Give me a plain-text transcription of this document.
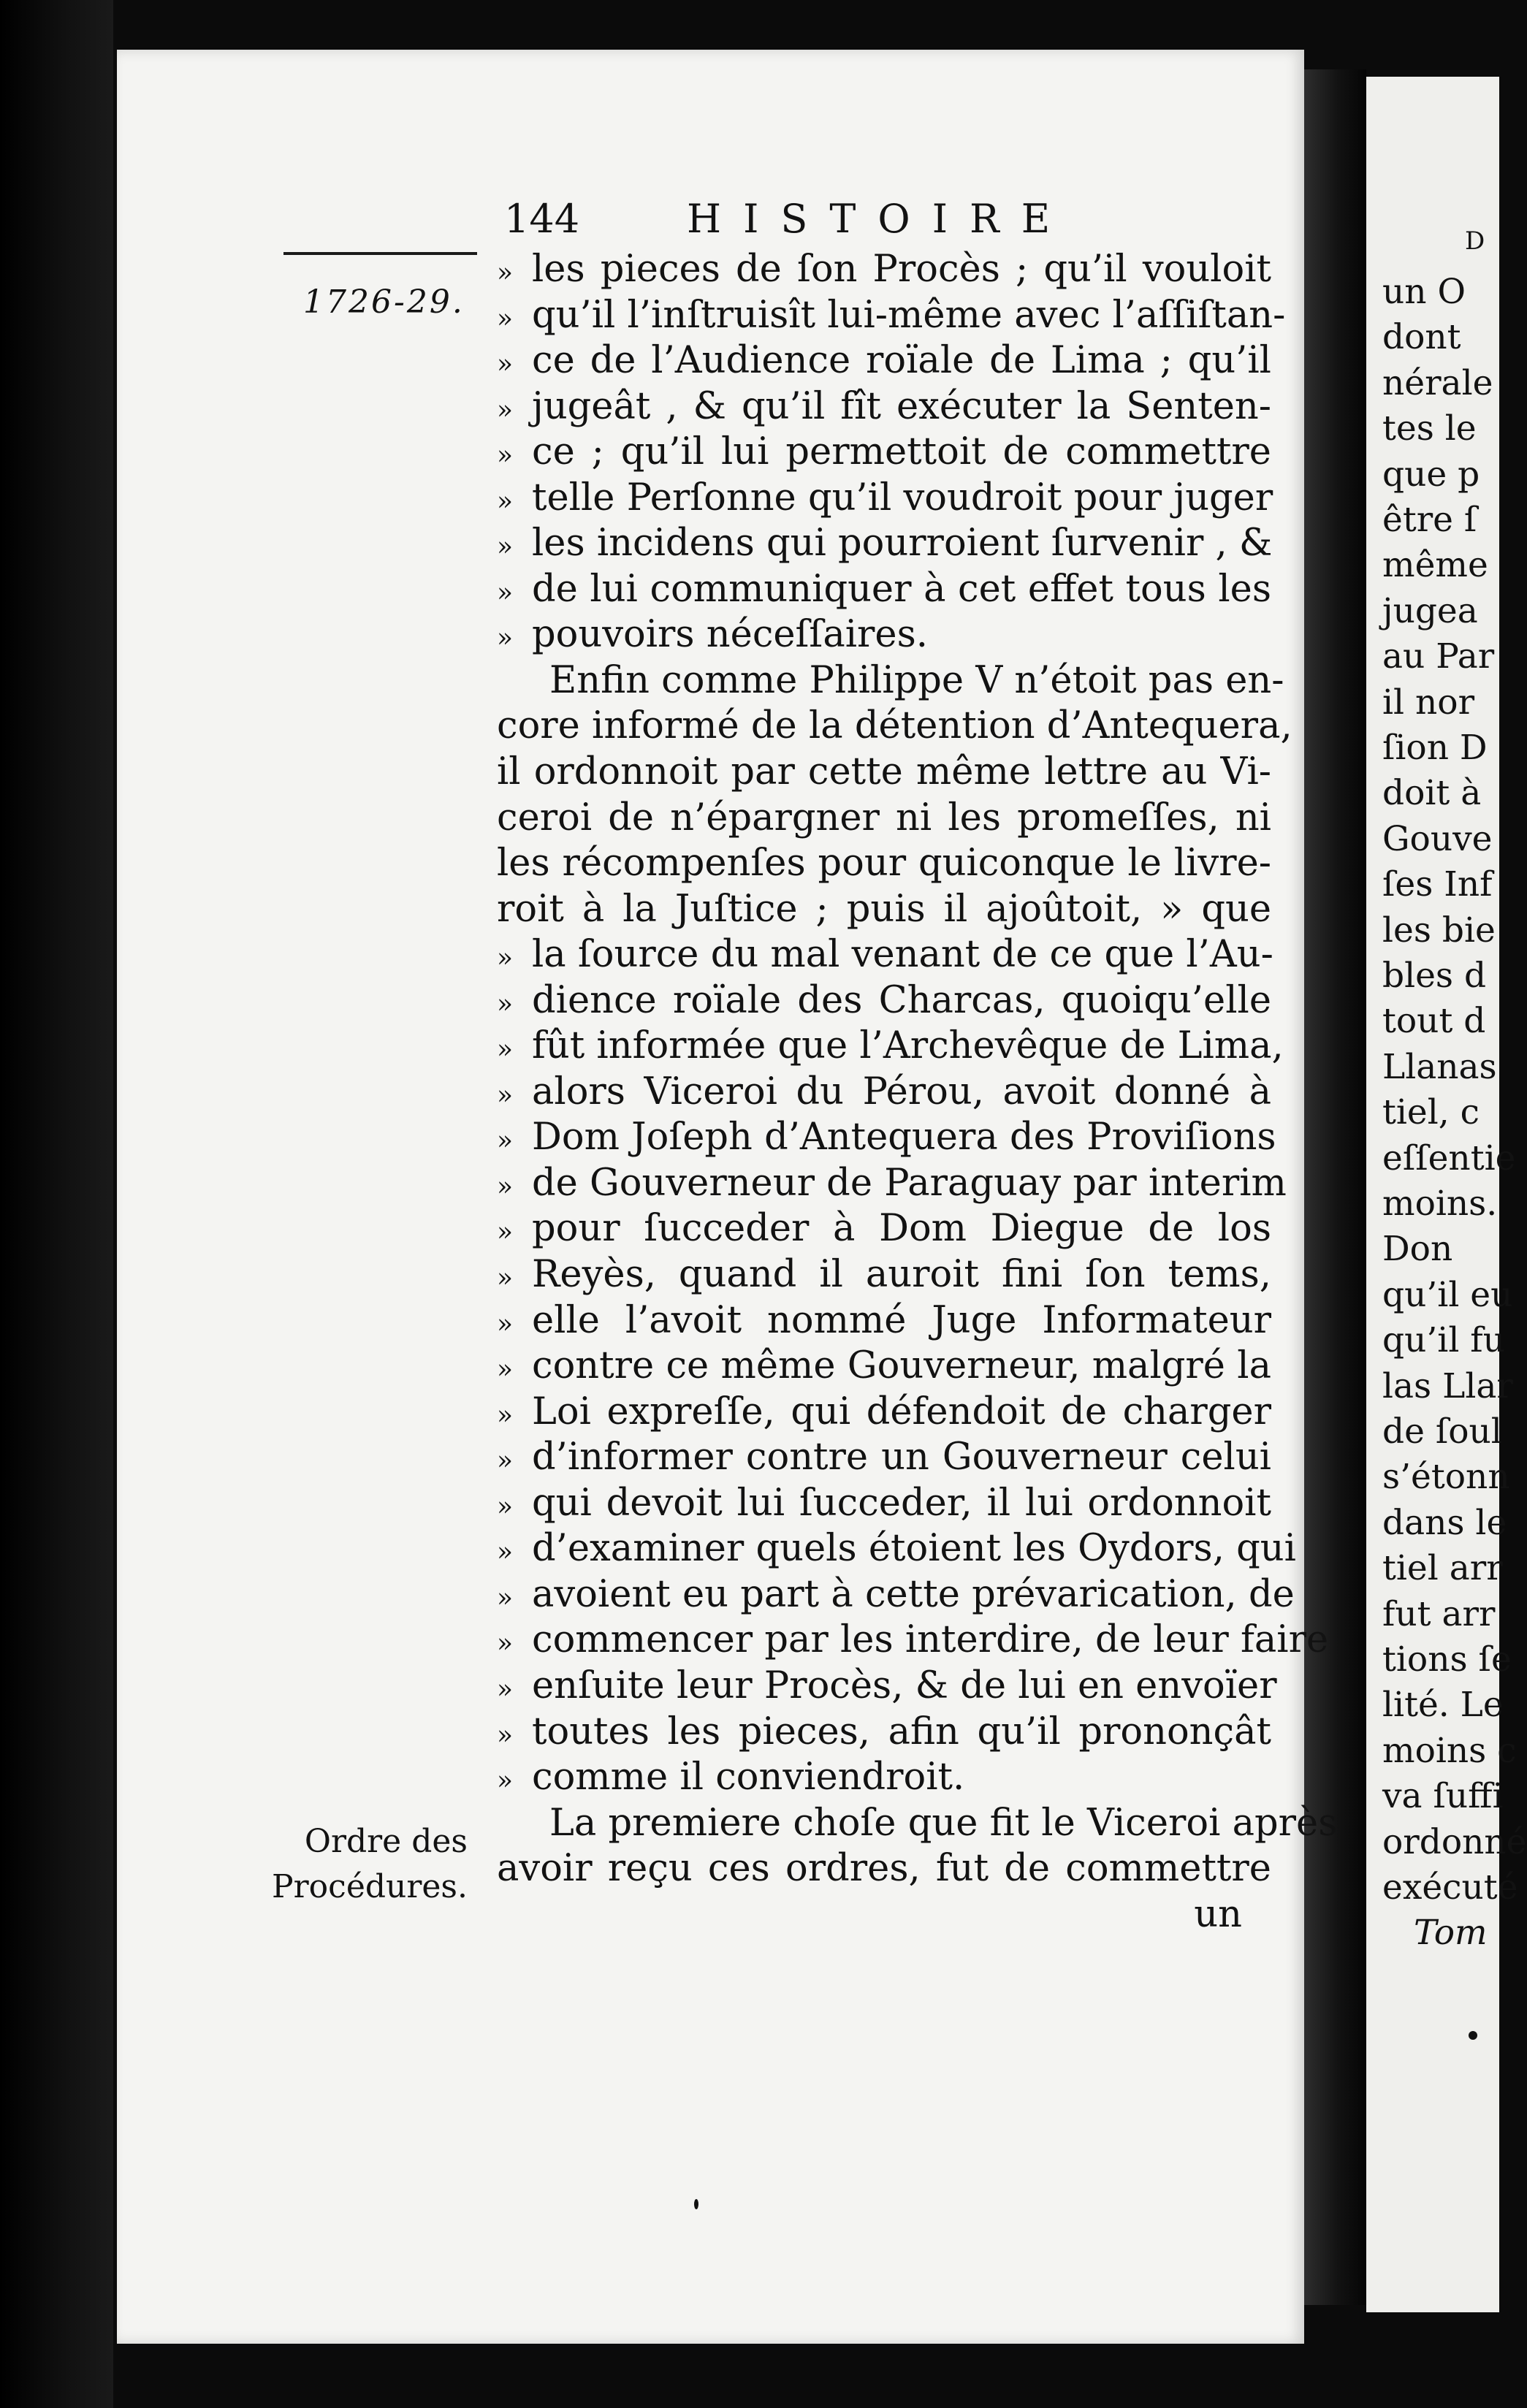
D
un O
dont
nérale
tes le
que p
être ſ
même
jugea
au Par
il nor
ſion D
doit à
Gouve
ſes Inf
les bie
bles d
tout d
Llanas
tiel, c
eſſentie
moins.
Don
qu’il eu
qu’il fu
las Llar
de ſoul
s’étonn
dans le
tiel arr
fut arr
tions ſe
lité. Le
moins c
va ſuffi
ordonné
exécuté
Tom
144	HISTOIRE
1726-29.
Ordre des
Procédures.
» les pieces de ſon Procès ; qu’il vouloit
» qu’il l’inſtruisît lui-même avec l’aſſiſtan-
» ce de l’Audience roïale de Lima ; qu’il
» jugeât , & qu’il fît exécuter la Senten-
» ce ; qu’il lui permettoit de commettre
» telle Perſonne qu’il voudroit pour juger
» les incidens qui pourroient ſurvenir , &
» de lui communiquer à cet effet tous les
» pouvoirs néceſſaires.
Enfin comme Philippe V n’étoit pas en-
core informé de la détention d’Antequera,
il ordonnoit par cette même lettre au Vi-
ceroi de n’épargner ni les promeſſes, ni
les récompenſes pour quiconque le livre-
roit à la Juſtice ; puis il ajoûtoit, » que
» la ſource du mal venant de ce que l’Au-
» dience roïale des Charcas, quoiqu’elle
» fût informée que l’Archevêque de Lima,
» alors Viceroi du Pérou, avoit donné à
» Dom Joſeph d’Antequera des Proviſions
» de Gouverneur de Paraguay par interim
» pour ſucceder à Dom Diegue de los
» Reyès, quand il auroit fini ſon tems,
» elle l’avoit nommé Juge Informateur
» contre ce même Gouverneur, malgré la
» Loi expreſſe, qui défendoit de charger
» d’informer contre un Gouverneur celui
» qui devoit lui ſucceder, il lui ordonnoit
» d’examiner quels étoient les Oydors, qui
» avoient eu part à cette prévarication, de
» commencer par les interdire, de leur faire
» enſuite leur Procès, & de lui en envoïer
» toutes les pieces, afin qu’il prononçât
» comme il conviendroit.
La premiere choſe que fit le Viceroi après
avoir reçu ces ordres, fut de commettre
un
